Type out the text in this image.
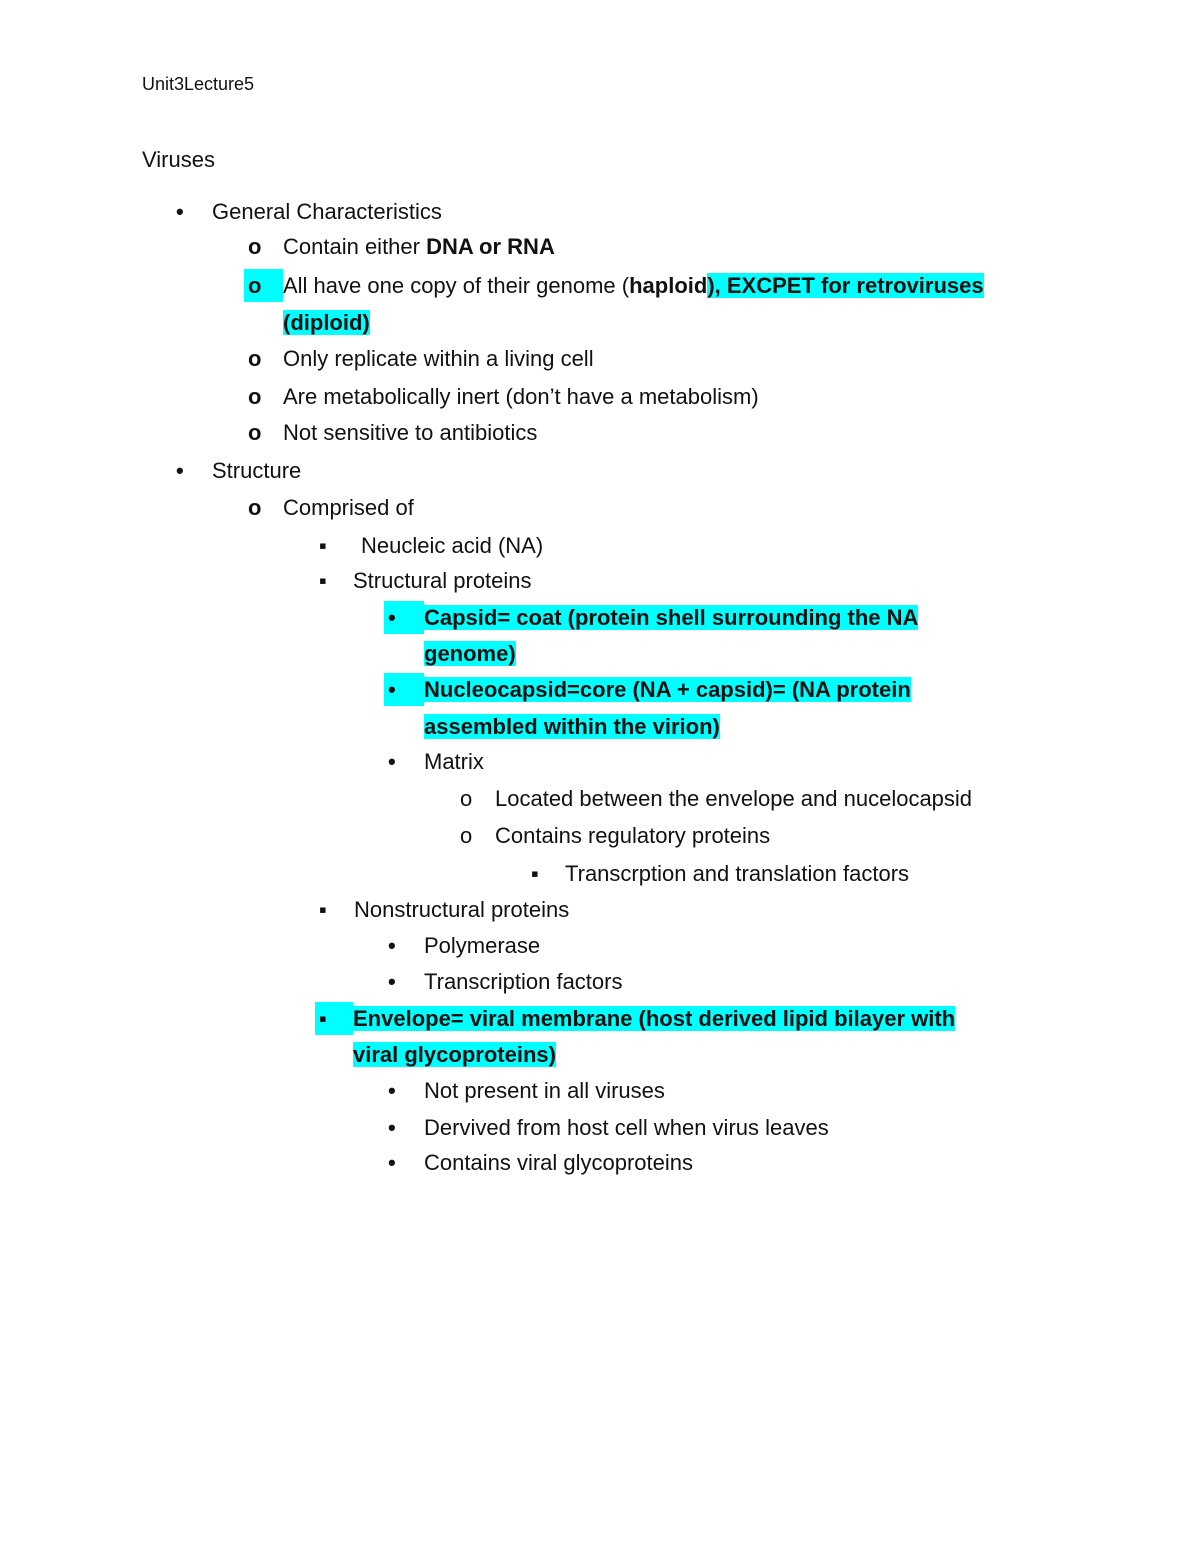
Unit3Lecture5
Viruses
•	General Characteristics
o Contain either DNA or RNA
o All have one copy of their genome (haploid), EXCPET for retroviruses
(diploid)
o Only replicate within a living cell
o Are metabolically inert (don’t have a metabolism)
o Not sensitive to antibiotics
•	Structure
o Comprised of
▪	Neucleic acid (NA)
▪	Structural proteins
•	Capsid= coat (protein shell surrounding the NA
genome)
•	Nucleocapsid=core (NA + capsid)= (NA protein
assembled within the virion)
•	Matrix
o	Located between the envelope and nucelocapsid
o	Contains regulatory proteins
▪	Transcrption and translation factors
▪	Nonstructural proteins
•	Polymerase
•	Transcription factors
▪	Envelope= viral membrane (host derived lipid bilayer with
viral glycoproteins)
•	Not present in all viruses
•	Dervived from host cell when virus leaves
•	Contains viral glycoproteins
